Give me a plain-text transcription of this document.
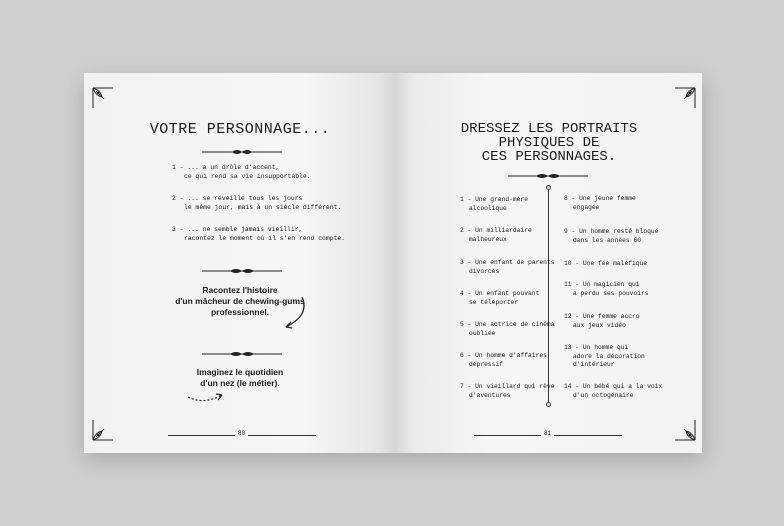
VOTRE PERSONNAGE...
1 - ... a un drôle d'accent,
ce qui rend sa vie insupportable.
2 - ... se réveille tous les jours
le même jour, mais à un siècle différent.
3 - ... ne semble jamais vieillir,
racontez le moment où il s'en rend compte.
Racontez l'histoire
d'un mâcheur de chewing-gums
professionnel.
Imaginez le quotidien
d'un nez (le métier).
80
DRESSEZ LES PORTRAITS
PHYSIQUES DE
CES PERSONNAGES.
1 - Une grand-mère
alcoolique
2 - Un milliardaire
malheureux
3 - Une enfant de parents
divorcés
4 - Un enfant pouvant
se téléporter
5 - Une actrice de cinéma
oubliée
6 - Un homme d'affaires
dépressif
7 - Un vieillard qui rêve
d'aventures
8 - Une jeune femme
engagée
9 - Un homme resté bloqué
dans les années 60
10 - Une fée maléfique
11 - Un magicien qui
a perdu ses pouvoirs
12 - Une femme accro
aux jeux vidéo
13 - Un homme qui
adore la décoration
d'intérieur
14 - Un bébé qui a la voix
d'un octogénaire
81
